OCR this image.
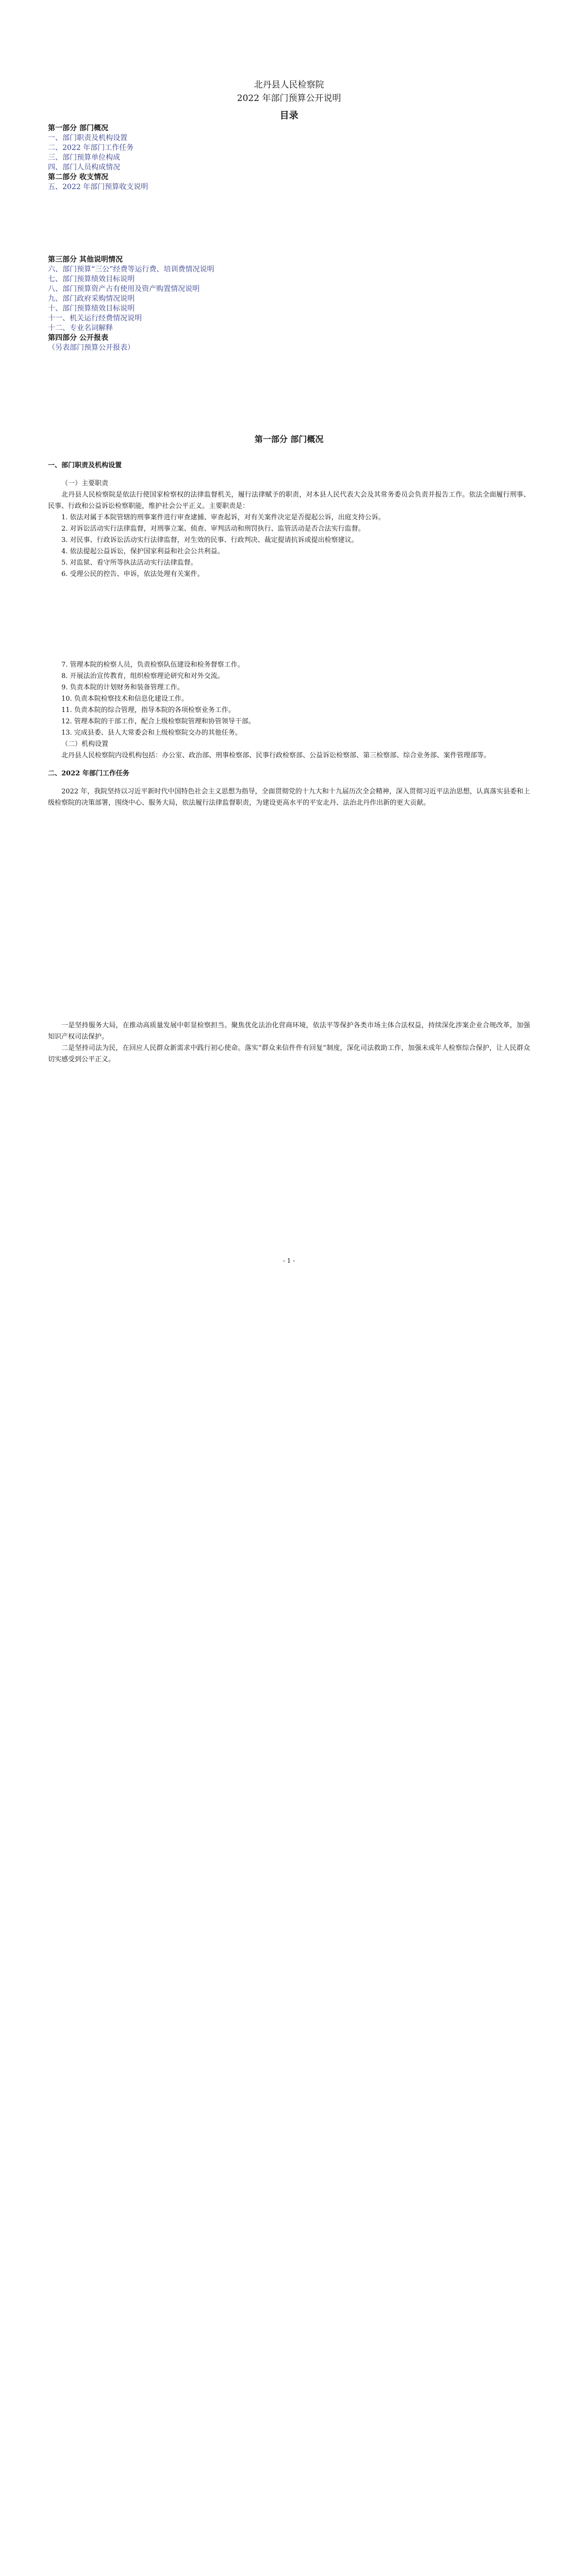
北丹县人民检察院
2022 年部门预算公开说明
目录
第一部分 部门概况
一、部门职责及机构设置
二、2022 年部门工作任务
三、部门预算单位构成
四、部门人员构成情况
第二部分 收支情况
五、2022 年部门预算收支说明
第三部分 其他说明情况
六、部门预算“三公”经费等运行费、培训费情况说明
七、部门预算绩效目标说明
八、部门预算资产占有使用及资产购置情况说明
九、部门政府采购情况说明
十、部门预算绩效目标说明
十一、机关运行经费情况说明
十二、专业名词解释
第四部分 公开报表
（另表部门预算公开报表）
第一部分 部门概况

一、部门职责及机构设置

（一）主要职责

北丹县人民检察院是依法行使国家检察权的法律监督机关，履行法律赋予的职责，对本县人民代表大会及其常务委员会负责并报告工作。依法全面履行刑事、民事、行政和公益诉讼检察职能，维护社会公平正义。主要职责是：

1. 依法对属于本院管辖的刑事案件进行审查逮捕、审查起诉，对有关案件决定是否提起公诉，出庭支持公诉。

2. 对诉讼活动实行法律监督，对刑事立案、侦查、审判活动和刑罚执行、监管活动是否合法实行监督。

3. 对民事、行政诉讼活动实行法律监督，对生效的民事、行政判决、裁定提请抗诉或提出检察建议。

4. 依法提起公益诉讼，保护国家利益和社会公共利益。

5. 对监狱、看守所等执法活动实行法律监督。

6. 受理公民的控告、申诉，依法处理有关案件。

7. 管理本院的检察人员，负责检察队伍建设和检务督察工作。

8. 开展法治宣传教育，组织检察理论研究和对外交流。

9. 负责本院的计划财务和装备管理工作。

10. 负责本院检察技术和信息化建设工作。

11. 负责本院的综合管理，指导本院的各项检察业务工作。

12. 管理本院的干部工作，配合上级检察院管理和协管领导干部。

13. 完成县委、县人大常委会和上级检察院交办的其他任务。

（二）机构设置

北丹县人民检察院内设机构包括：办公室、政治部、刑事检察部、民事行政检察部、公益诉讼检察部、第三检察部、综合业务部、案件管理部等。

二、2022 年部门工作任务

2022 年，我院坚持以习近平新时代中国特色社会主义思想为指导，全面贯彻党的十九大和十九届历次全会精神，深入贯彻习近平法治思想，认真落实县委和上级检察院的决策部署，围绕中心、服务大局，依法履行法律监督职责，为建设更高水平的平安北丹、法治北丹作出新的更大贡献。

一是坚持服务大局，在推动高质量发展中彰显检察担当。聚焦优化法治化营商环境，依法平等保护各类市场主体合法权益，持续深化涉案企业合规改革，加强知识产权司法保护。

二是坚持司法为民，在回应人民群众新需求中践行初心使命。落实“群众来信件件有回复”制度，深化司法救助工作，加强未成年人检察综合保护，让人民群众切实感受到公平正义。

- 1 -
